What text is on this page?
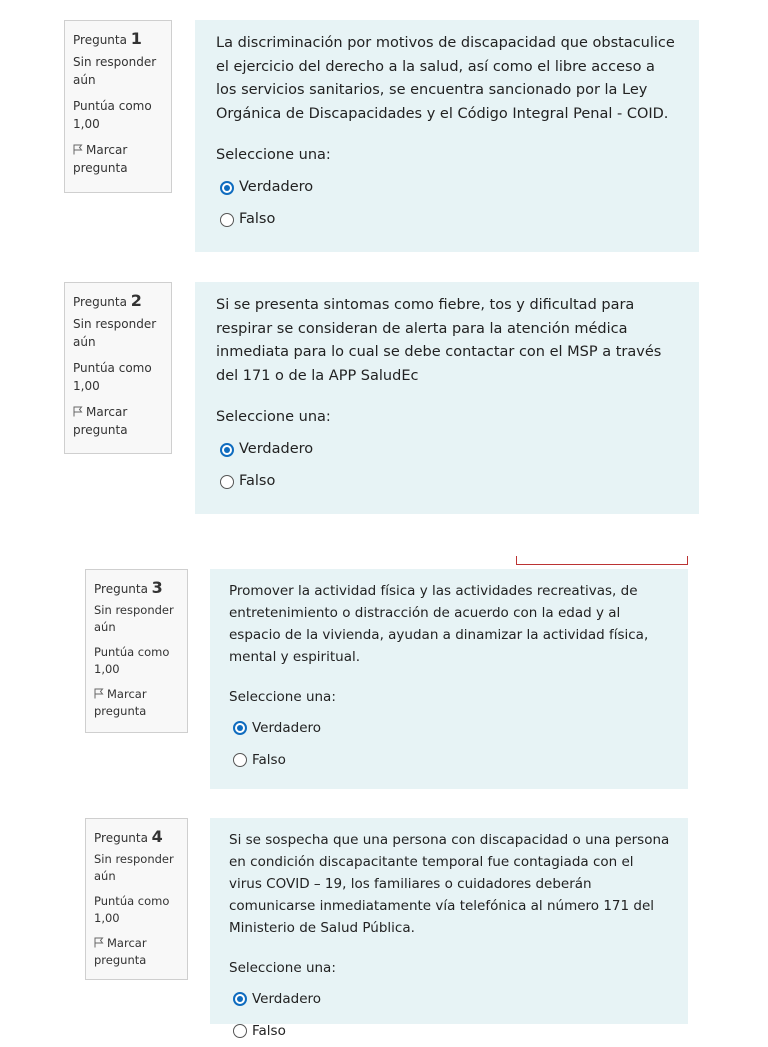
Pregunta 1
Sin responder aún
Puntúa como 1,00
Marcar pregunta

La discriminación por motivos de discapacidad que obstaculice el ejercicio del derecho a la salud, así como el libre acceso a los servicios sanitarios, se encuentra sancionado por la Ley Orgánica de Discapacidades y el Código Integral Penal - COID.

Seleccione una:

Verdadero
Falso
Pregunta 2
Sin responder aún
Puntúa como 1,00
Marcar pregunta

Si se presenta sintomas como fiebre, tos y dificultad para respirar se consideran de alerta para la atención médica inmediata para lo cual se debe contactar con el MSP a través del 171 o de la APP SaludEc

Seleccione una:

Verdadero
Falso
Pregunta 3
Sin responder aún
Puntúa como 1,00
Marcar pregunta

Promover la actividad física y las actividades recreativas, de entretenimiento o distracción de acuerdo con la edad y al espacio de la vivienda, ayudan a dinamizar la actividad física, mental y espiritual.

Seleccione una:

Verdadero
Falso
Pregunta 4
Sin responder aún
Puntúa como 1,00
Marcar pregunta

Si se sospecha que una persona con discapacidad o una persona en condición discapacitante temporal fue contagiada con el virus COVID – 19, los familiares o cuidadores deberán comunicarse inmediatamente vía telefónica al número 171 del Ministerio de Salud Pública.

Seleccione una:

Verdadero
Falso
